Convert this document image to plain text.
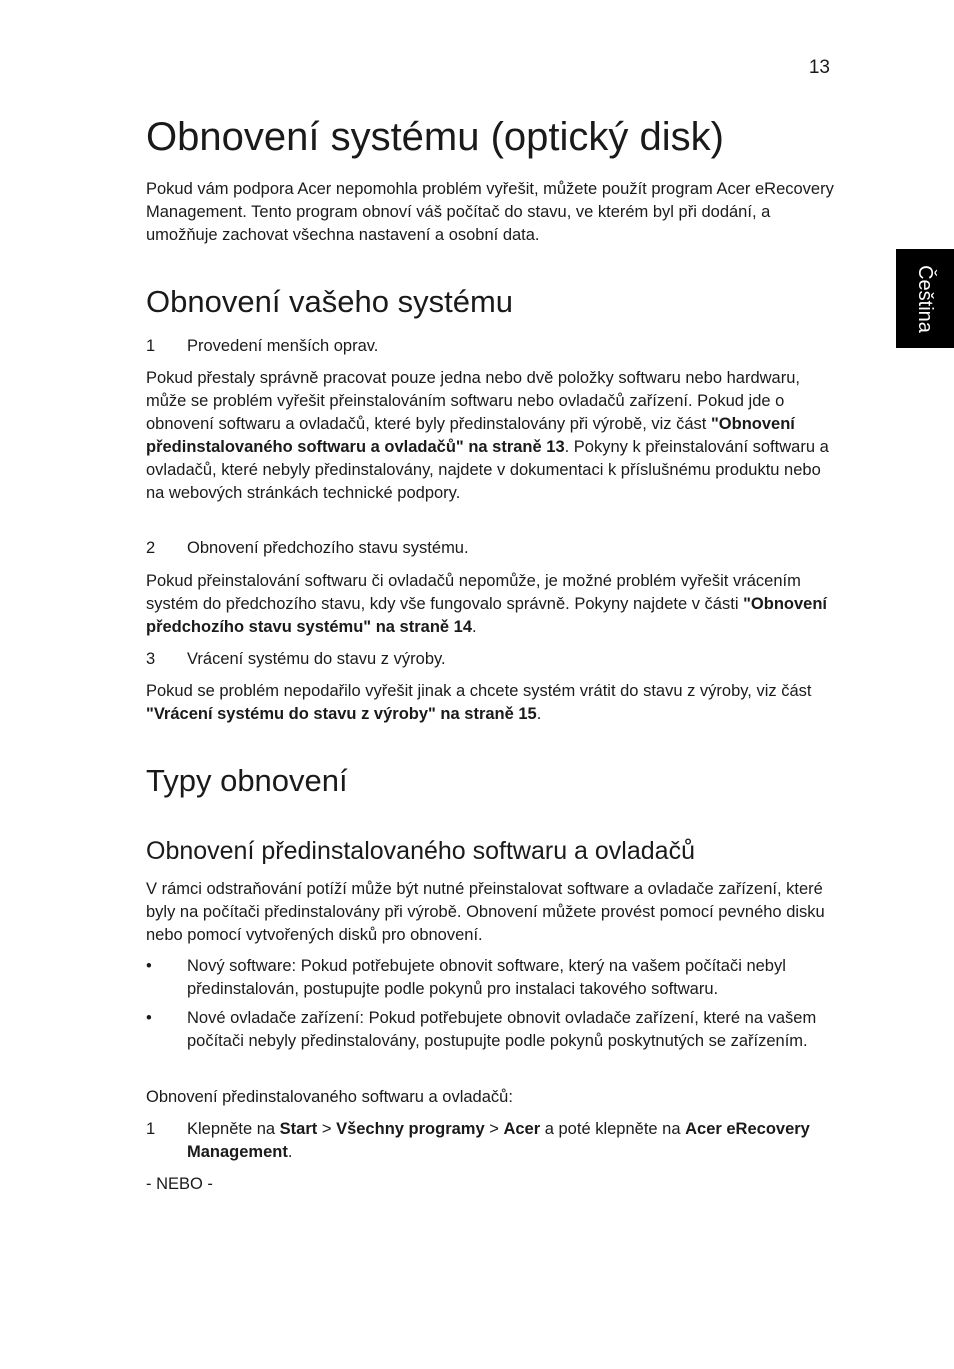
13
Čeština
Obnovení systému (optický disk)

Pokud vám podpora Acer nepomohla problém vyřešit, můžete použít program Acer eRecovery Management. Tento program obnoví váš počítač do stavu, ve kterém byl při dodání, a umožňuje zachovat všechna nastavení a osobní data.

Obnovení vašeho systému
1 Provedení menších oprav.

Pokud přestaly správně pracovat pouze jedna nebo dvě položky softwaru nebo hardwaru, může se problém vyřešit přeinstalováním softwaru nebo ovladačů zařízení. Pokud jde o obnovení softwaru a ovladačů, které byly předinstalovány při výrobě, viz část "Obnovení předinstalovaného softwaru a ovladačů" na straně 13. Pokyny k přeinstalování softwaru a ovladačů, které nebyly předinstalovány, najdete v dokumentaci k příslušnému produktu nebo na webových stránkách technické podpory.

2 Obnovení předchozího stavu systému.

Pokud přeinstalování softwaru či ovladačů nepomůže, je možné problém vyřešit vrácením systém do předchozího stavu, kdy vše fungovalo správně. Pokyny najdete v části "Obnovení předchozího stavu systému" na straně 14.

3 Vrácení systému do stavu z výroby.

Pokud se problém nepodařilo vyřešit jinak a chcete systém vrátit do stavu z výroby, viz část "Vrácení systému do stavu z výroby" na straně 15.

Typy obnovení
Obnovení předinstalovaného softwaru a ovladačů

V rámci odstraňování potíží může být nutné přeinstalovat software a ovladače zařízení, které byly na počítači předinstalovány při výrobě. Obnovení můžete provést pomocí pevného disku nebo pomocí vytvořených disků pro obnovení.

• Nový software: Pokud potřebujete obnovit software, který na vašem počítači nebyl předinstalován, postupujte podle pokynů pro instalaci takového softwaru.
• Nové ovladače zařízení: Pokud potřebujete obnovit ovladače zařízení, které na vašem počítači nebyly předinstalovány, postupujte podle pokynů poskytnutých se zařízením.

Obnovení předinstalovaného softwaru a ovladačů:

1 Klepněte na Start > Všechny programy > Acer a poté klepněte na Acer eRecovery Management.

- NEBO -
